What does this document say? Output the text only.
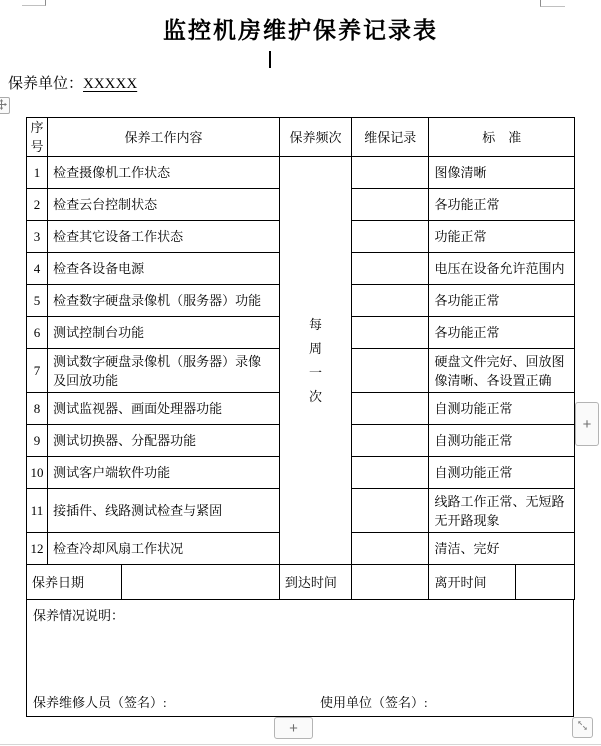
监控机房维护保养记录表
保养单位：XXXXX
序号	保养工作内容	保养频次	维保记录	标　准
1	检查摄像机工作状态	每周一次		图像清晰
2	检查云台控制状态			各功能正常
3	检查其它设备工作状态			功能正常
4	检查各设备电源			电压在设备允许范围内
5	检查数字硬盘录像机（服务器）功能			各功能正常
6	测试控制台功能			各功能正常
7	测试数字硬盘录像机（服务器）录像及回放功能			硬盘文件完好、回放图像清晰、各设置正确
8	测试监视器、画面处理器功能			自测功能正常
9	测试切换器、分配器功能			自测功能正常
10	测试客户端软件功能			自测功能正常
11	接插件、线路测试检查与紧固			线路工作正常、无短路无开路现象
12	检查冷却风扇工作状况			清洁、完好
保养日期		到达时间		离开时间	
保养情况说明：
保养维修人员（签名）:	使用单位（签名）:
+
+
